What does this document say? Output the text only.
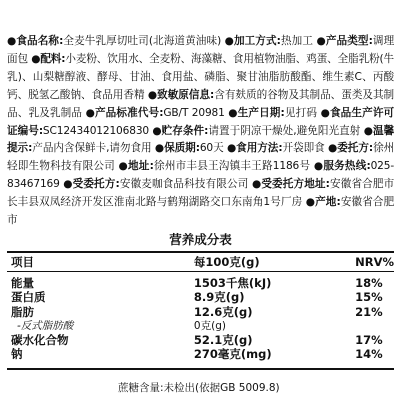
●食品名称:全麦牛乳厚切吐司(北海道黄油味) ●加工方式:热加工 ●产品类型:调理面包 ●配料:小麦粉、饮用水、全麦粉、海藻糖、食用植物油脂、鸡蛋、全脂乳粉(牛乳)、山梨糖醇液、酵母、甘油、食用盐、磷脂、聚甘油脂肪酸酯、维生素C、丙酸钙、脱氢乙酸钠、食品用香精 ●致敏原信息:含有麸质的谷物及其制品、蛋类及其制品、乳及乳制品 ●产品标准代号:GB/T 20981 ●生产日期:见打码 ●食品生产许可证编号:SC12434012106830 ●贮存条件:请置于阴凉干燥处,避免阳光直射 ●温馨提示:产品内含保鲜卡,请勿食用 ●保质期:60天 ●食用方法:开袋即食 ●委托方:徐州轻即生物科技有限公司 ●地址:徐州市丰县王沟镇丰王路1186号 ●服务热线:025-83467169 ●受委托方:安徽麦咖食品科技有限公司 ●受委托方地址:安徽省合肥市长丰县双凤经济开发区淮南北路与鹤翔湖路交口东南角1号厂房 ●产地:安徽省合肥市
营养成分表
项目	每100克(g)	NRV%
能量	1503千焦(kJ)	18%
蛋白质	8.9克(g)	15%
脂肪	12.6克(g)	21%
-反式脂肪酸	0克(g)	
碳水化合物	52.1克(g)	17%
钠	270毫克(mg)	14%
蔗糖含量:未检出(依据GB 5009.8)
